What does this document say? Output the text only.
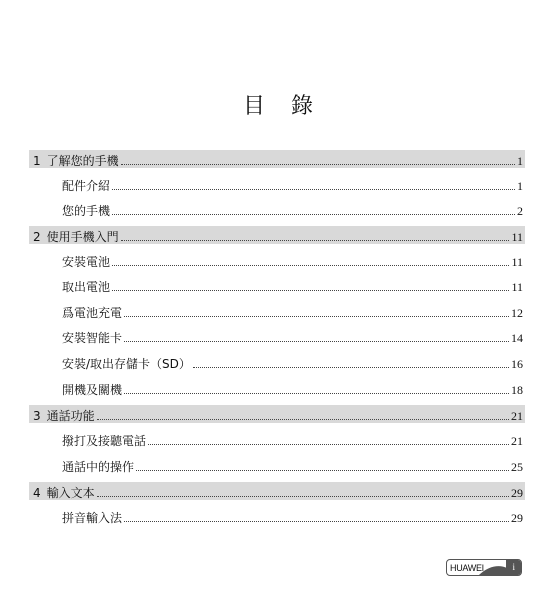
目　錄
1 了解您的手機	1
配件介紹	1
您的手機	2
2 使用手機入門	11
安裝電池	11
取出電池	11
爲電池充電	12
安裝智能卡	14
安裝/取出存儲卡（SD）	16
開機及關機	18
3 通話功能	21
撥打及接聽電話	21
通話中的操作	25
4 輸入文本	29
拼音輸入法	29
HUAWEI	i
